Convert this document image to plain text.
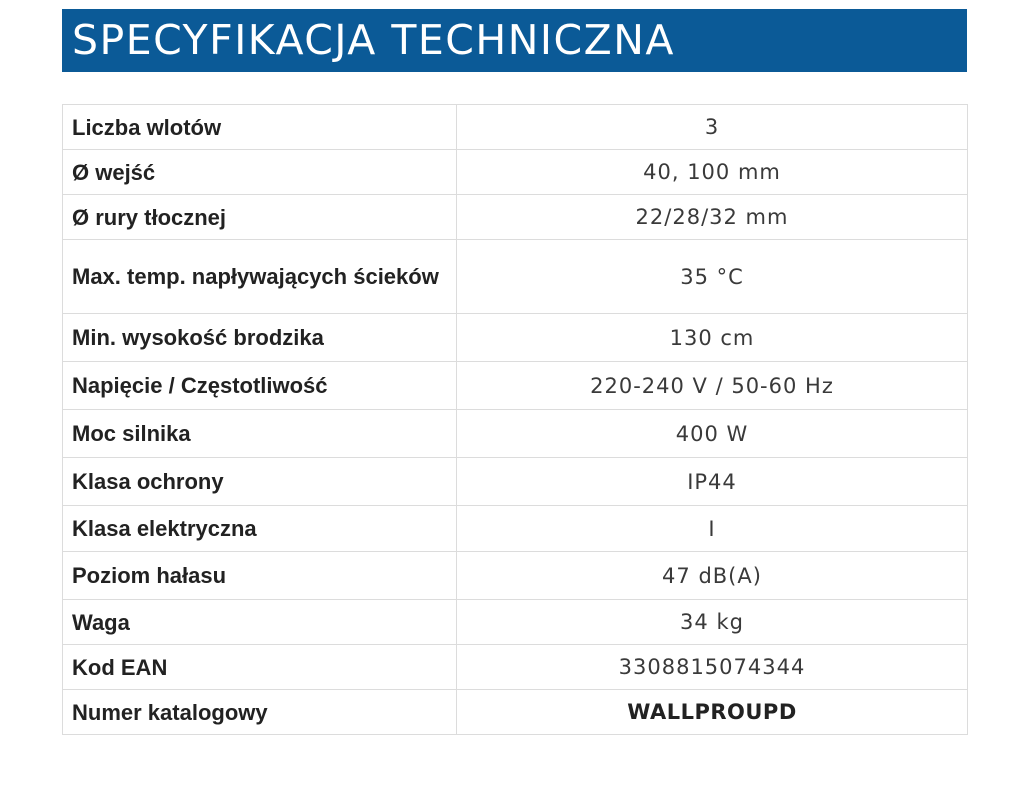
SPECYFIKACJA TECHNICZNA
Liczba wlotów	3
Ø wejść	40, 100 mm
Ø rury tłocznej	22/28/32 mm
Max. temp. napływających ścieków	35 °C
Min. wysokość brodzika	130 cm
Napięcie / Częstotliwość	220-240 V / 50-60 Hz
Moc silnika	400 W
Klasa ochrony	IP44
Klasa elektryczna	I
Poziom hałasu	47 dB(A)
Waga	34 kg
Kod EAN	3308815074344
Numer katalogowy	WALLPROUPD
